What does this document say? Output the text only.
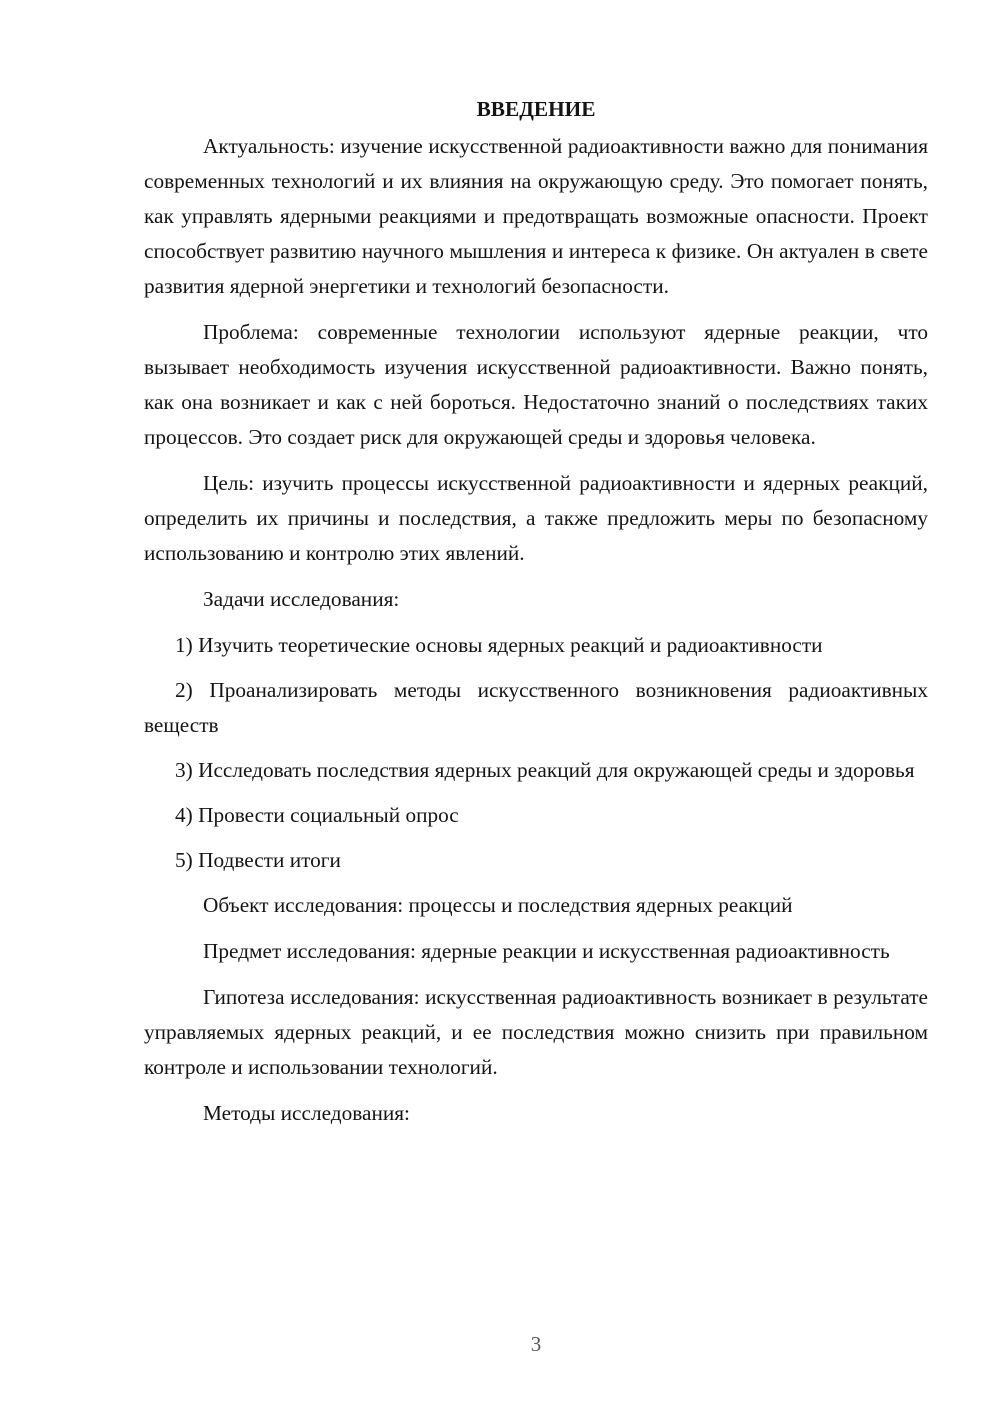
ВВЕДЕНИЕ

Актуальность: изучение искусственной радиоактивности важно для понимания современных технологий и их влияния на окружающую среду. Это помогает понять, как управлять ядерными реакциями и предотвращать возможные опасности. Проект способствует развитию научного мышления и интереса к физике. Он актуален в свете развития ядерной энергетики и технологий безопасности.

Проблема: современные технологии используют ядерные реакции, что вызывает необходимость изучения искусственной радиоактивности. Важно понять, как она возникает и как с ней бороться. Недостаточно знаний о последствиях таких процессов. Это создает риск для окружающей среды и здоровья человека.

Цель: изучить процессы искусственной радиоактивности и ядерных реакций, определить их причины и последствия, а также предложить меры по безопасному использованию и контролю этих явлений.

Задачи исследования:

1) Изучить теоретические основы ядерных реакций и радиоактивности

2) Проанализировать методы искусственного возникновения радиоактивных веществ

3) Исследовать последствия ядерных реакций для окружающей среды и здоровья

4) Провести социальный опрос

5) Подвести итоги

Объект исследования: процессы и последствия ядерных реакций

Предмет исследования: ядерные реакции и искусственная радиоактивность

Гипотеза исследования: искусственная радиоактивность возникает в результате управляемых ядерных реакций, и ее последствия можно снизить при правильном контроле и использовании технологий.

Методы исследования:

3
